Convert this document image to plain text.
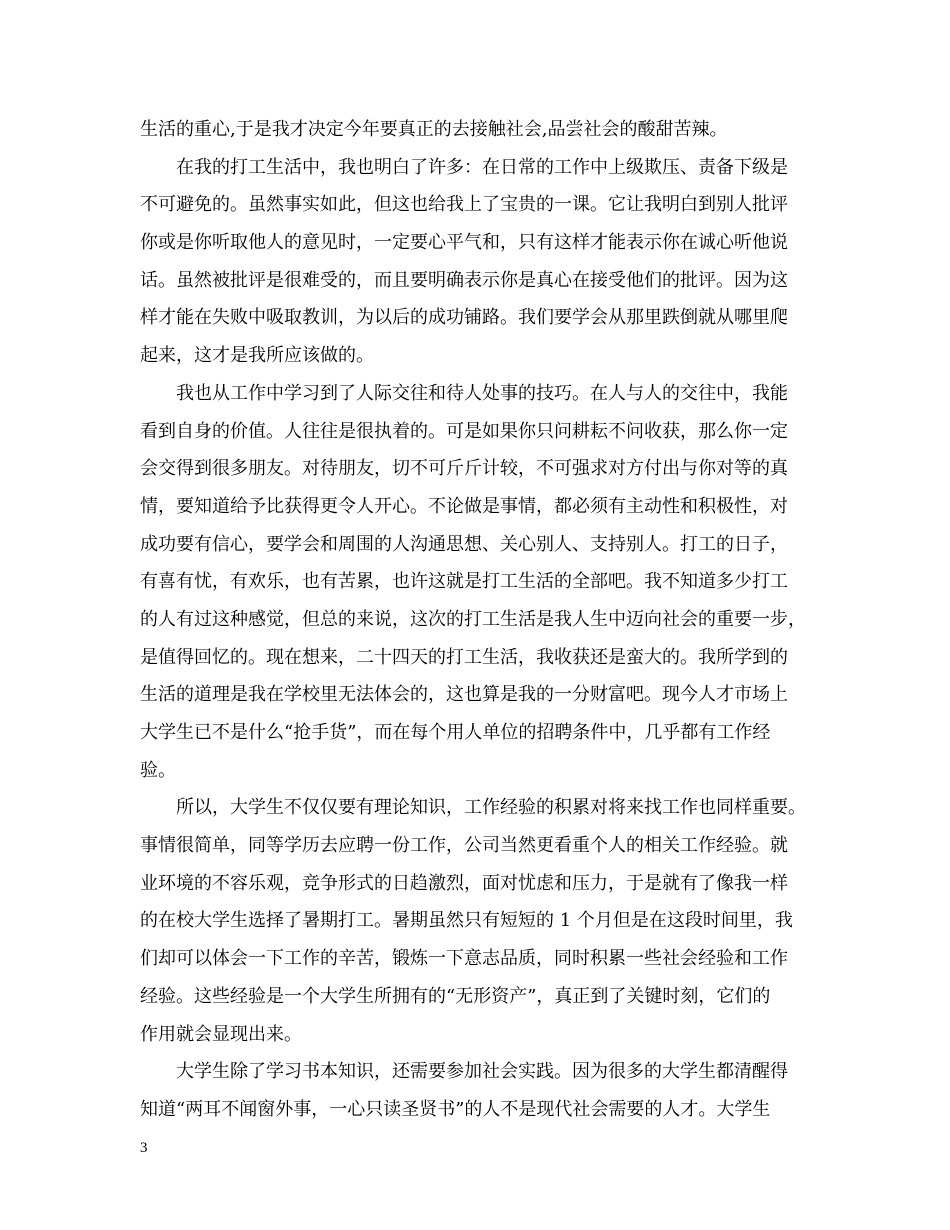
生活的重心,于是我才决定今年要真正的去接触社会,品尝社会的酸甜苦辣。
在我的打工生活中，我也明白了许多：在日常的工作中上级欺压、责备下级是
不可避免的。虽然事实如此，但这也给我上了宝贵的一课。它让我明白到别人批评
你或是你听取他人的意见时，一定要心平气和，只有这样才能表示你在诚心听他说
话。虽然被批评是很难受的，而且要明确表示你是真心在接受他们的批评。因为这
样才能在失败中吸取教训，为以后的成功铺路。我们要学会从那里跌倒就从哪里爬
起来，这才是我所应该做的。
我也从工作中学习到了人际交往和待人处事的技巧。在人与人的交往中，我能
看到自身的价值。人往往是很执着的。可是如果你只问耕耘不问收获，那么你一定
会交得到很多朋友。对待朋友，切不可斤斤计较，不可强求对方付出与你对等的真
情，要知道给予比获得更令人开心。不论做是事情，都必须有主动性和积极性，对
成功要有信心，要学会和周围的人沟通思想、关心别人、支持别人。打工的日子，
有喜有忧，有欢乐，也有苦累，也许这就是打工生活的全部吧。我不知道多少打工
的人有过这种感觉，但总的来说，这次的打工生活是我人生中迈向社会的重要一步，
是值得回忆的。现在想来，二十四天的打工生活，我收获还是蛮大的。我所学到的
生活的道理是我在学校里无法体会的，这也算是我的一分财富吧。现今人才市场上
大学生已不是什么“抢手货”，而在每个用人单位的招聘条件中，几乎都有工作经
验。
所以，大学生不仅仅要有理论知识，工作经验的积累对将来找工作也同样重要。
事情很简单，同等学历去应聘一份工作，公司当然更看重个人的相关工作经验。就
业环境的不容乐观，竞争形式的日趋激烈，面对忧虑和压力，于是就有了像我一样
的在校大学生选择了暑期打工。暑期虽然只有短短的 1 个月但是在这段时间里，我
们却可以体会一下工作的辛苦，锻炼一下意志品质，同时积累一些社会经验和工作
经验。这些经验是一个大学生所拥有的“无形资产”，真正到了关键时刻，它们的
作用就会显现出来。
大学生除了学习书本知识，还需要参加社会实践。因为很多的大学生都清醒得
知道“两耳不闻窗外事，一心只读圣贤书”的人不是现代社会需要的人才。大学生
3
